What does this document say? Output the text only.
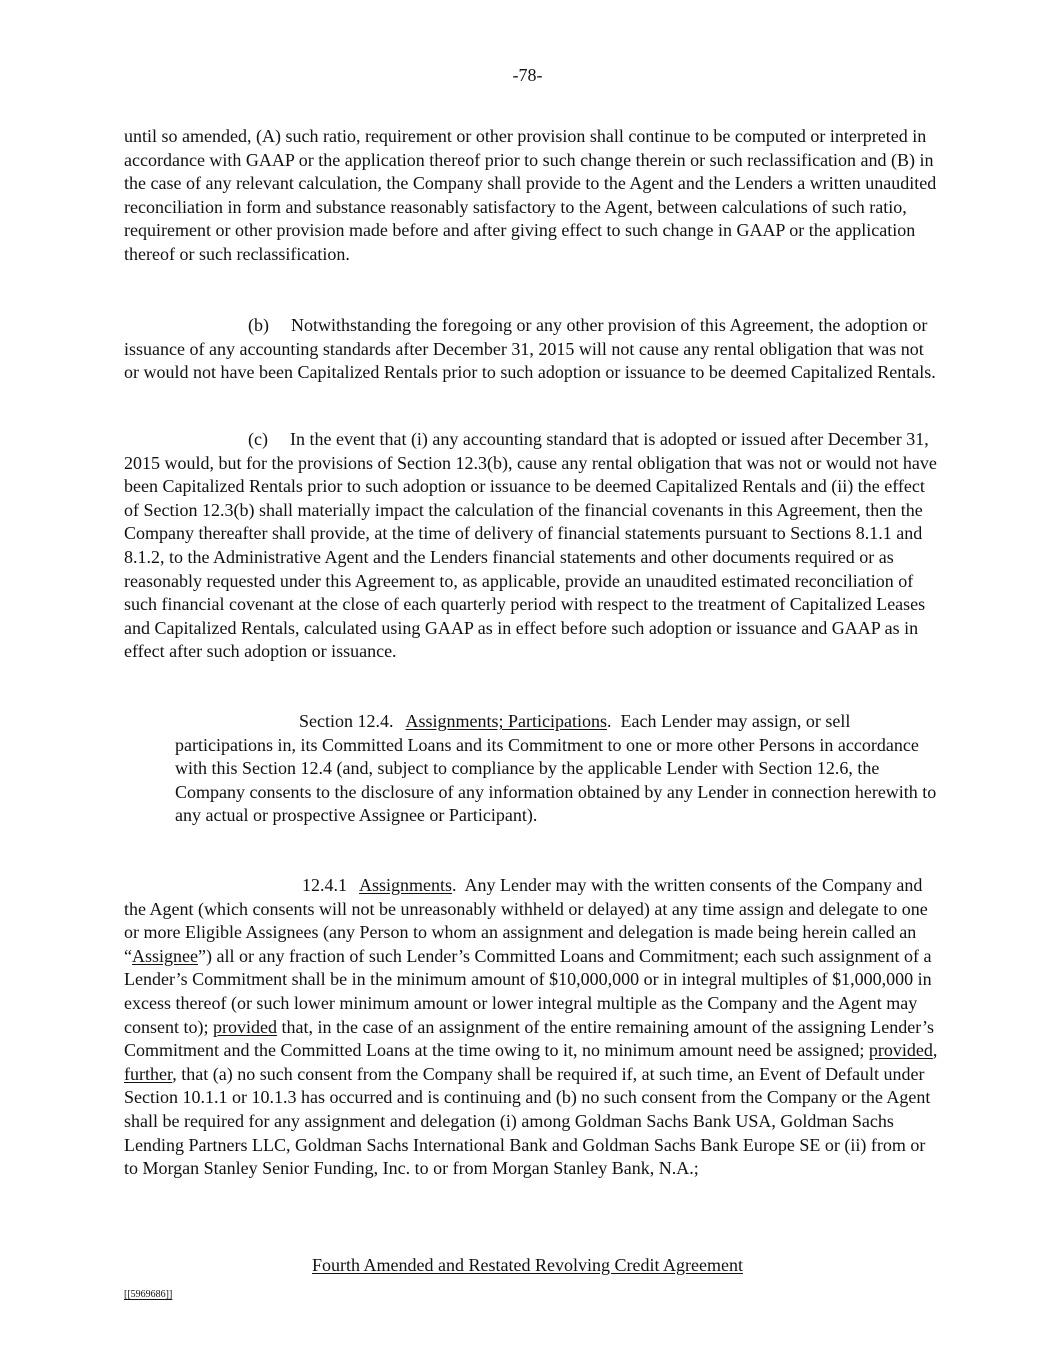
-78-

until so amended, (A) such ratio, requirement or other provision shall continue to be computed or interpreted in accordance with GAAP or the application thereof prior to such change therein or such reclassification and (B) in the case of any relevant calculation, the Company shall provide to the Agent and the Lenders a written unaudited reconciliation in form and substance reasonably satisfactory to the Agent, between calculations of such ratio, requirement or other provision made before and after giving effect to such change in GAAP or the application thereof or such reclassification.

(b) Notwithstanding the foregoing or any other provision of this Agreement, the adoption or issuance of any accounting standards after December 31, 2015 will not cause any rental obligation that was not or would not have been Capitalized Rentals prior to such adoption or issuance to be deemed Capitalized Rentals.

(c) In the event that (i) any accounting standard that is adopted or issued after December 31, 2015 would, but for the provisions of Section 12.3(b), cause any rental obligation that was not or would not have been Capitalized Rentals prior to such adoption or issuance to be deemed Capitalized Rentals and (ii) the effect of Section 12.3(b) shall materially impact the calculation of the financial covenants in this Agreement, then the Company thereafter shall provide, at the time of delivery of financial statements pursuant to Sections 8.1.1 and 8.1.2, to the Administrative Agent and the Lenders financial statements and other documents required or as reasonably requested under this Agreement to, as applicable, provide an unaudited estimated reconciliation of such financial covenant at the close of each quarterly period with respect to the treatment of Capitalized Leases and Capitalized Rentals, calculated using GAAP as in effect before such adoption or issuance and GAAP as in effect after such adoption or issuance.

Section 12.4. Assignments; Participations. Each Lender may assign, or sell participations in, its Committed Loans and its Commitment to one or more other Persons in accordance with this Section 12.4 (and, subject to compliance by the applicable Lender with Section 12.6, the Company consents to the disclosure of any information obtained by any Lender in connection herewith to any actual or prospective Assignee or Participant).

12.4.1 Assignments. Any Lender may with the written consents of the Company and the Agent (which consents will not be unreasonably withheld or delayed) at any time assign and delegate to one or more Eligible Assignees (any Person to whom an assignment and delegation is made being herein called an “Assignee”) all or any fraction of such Lender’s Committed Loans and Commitment; each such assignment of a Lender’s Commitment shall be in the minimum amount of $10,000,000 or in integral multiples of $1,000,000 in excess thereof (or such lower minimum amount or lower integral multiple as the Company and the Agent may consent to); provided that, in the case of an assignment of the entire remaining amount of the assigning Lender’s Commitment and the Committed Loans at the time owing to it, no minimum amount need be assigned; provided, further, that (a) no such consent from the Company shall be required if, at such time, an Event of Default under Section 10.1.1 or 10.1.3 has occurred and is continuing and (b) no such consent from the Company or the Agent shall be required for any assignment and delegation (i) among Goldman Sachs Bank USA, Goldman Sachs Lending Partners LLC, Goldman Sachs International Bank and Goldman Sachs Bank Europe SE or (ii) from or to Morgan Stanley Senior Funding, Inc. to or from Morgan Stanley Bank, N.A.;

Fourth Amended and Restated Revolving Credit Agreement
[[5969686]]
